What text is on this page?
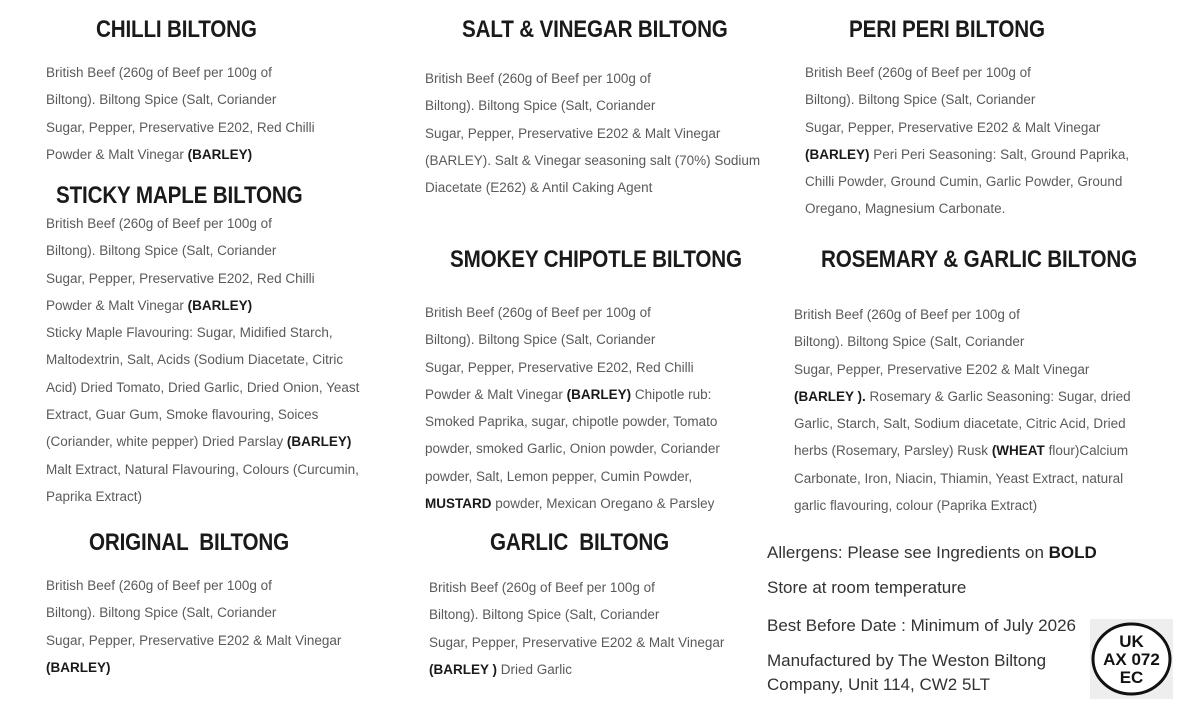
CHILLI BILTONG

British Beef (260g of Beef per 100g of
Biltong). Biltong Spice (Salt, Coriander
Sugar, Pepper, Preservative E202, Red Chilli
Powder & Malt Vinegar (BARLEY)

SALT & VINEGAR BILTONG

British Beef (260g of Beef per 100g of
Biltong). Biltong Spice (Salt, Coriander
Sugar, Pepper, Preservative E202 & Malt Vinegar
(BARLEY). Salt & Vinegar seasoning salt (70%) Sodium
Diacetate (E262) & Antil Caking Agent

PERI PERI BILTONG

British Beef (260g of Beef per 100g of
Biltong). Biltong Spice (Salt, Coriander
Sugar, Pepper, Preservative E202 & Malt Vinegar
(BARLEY) Peri Peri Seasoning: Salt, Ground Paprika,
Chilli Powder, Ground Cumin, Garlic Powder, Ground
Oregano, Magnesium Carbonate.

STICKY MAPLE BILTONG

British Beef (260g of Beef per 100g of
Biltong). Biltong Spice (Salt, Coriander
Sugar, Pepper, Preservative E202, Red Chilli
Powder & Malt Vinegar (BARLEY)
Sticky Maple Flavouring: Sugar, Midified Starch,
Maltodextrin, Salt, Acids (Sodium Diacetate, Citric
Acid) Dried Tomato, Dried Garlic, Dried Onion, Yeast
Extract, Guar Gum, Smoke flavouring, Soices
(Coriander, white pepper) Dried Parslay (BARLEY)
Malt Extract, Natural Flavouring, Colours (Curcumin,
Paprika Extract)

SMOKEY CHIPOTLE BILTONG

British Beef (260g of Beef per 100g of
Biltong). Biltong Spice (Salt, Coriander
Sugar, Pepper, Preservative E202, Red Chilli
Powder & Malt Vinegar (BARLEY) Chipotle rub:
Smoked Paprika, sugar, chipotle powder, Tomato
powder, smoked Garlic, Onion powder, Coriander
powder, Salt, Lemon pepper, Cumin Powder,
MUSTARD powder, Mexican Oregano & Parsley

ROSEMARY & GARLIC BILTONG

British Beef (260g of Beef per 100g of
Biltong). Biltong Spice (Salt, Coriander
Sugar, Pepper, Preservative E202 & Malt Vinegar
(BARLEY ). Rosemary & Garlic Seasoning: Sugar, dried
Garlic, Starch, Salt, Sodium diacetate, Citric Acid, Dried
herbs (Rosemary, Parsley) Rusk (WHEAT flour)Calcium
Carbonate, Iron, Niacin, Thiamin, Yeast Extract, natural
garlic flavouring, colour (Paprika Extract)

ORIGINAL  BILTONG

British Beef (260g of Beef per 100g of
Biltong). Biltong Spice (Salt, Coriander
Sugar, Pepper, Preservative E202 & Malt Vinegar
(BARLEY)

GARLIC  BILTONG

British Beef (260g of Beef per 100g of
Biltong). Biltong Spice (Salt, Coriander
Sugar, Pepper, Preservative E202 & Malt Vinegar
(BARLEY ) Dried Garlic

Allergens: Please see Ingredients on BOLD

Store at room temperature

Best Before Date : Minimum of July 2026

Manufactured by The Weston Biltong
Company, Unit 114, CW2 5LT

UK
AX 072
EC
